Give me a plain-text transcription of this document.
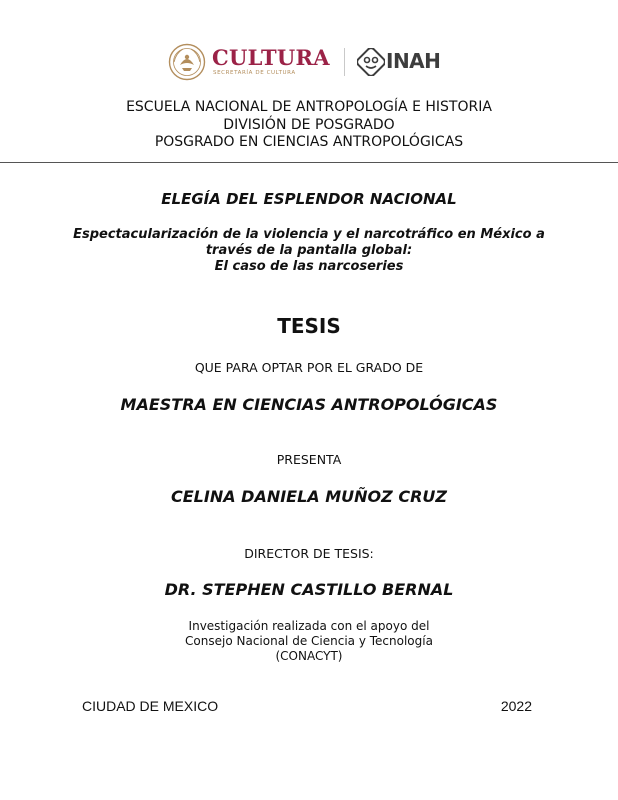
CULTURA
SECRETARÍA DE CULTURA	INAH
ESCUELA NACIONAL DE ANTROPOLOGÍA E HISTORIA
DIVISIÓN DE POSGRADO
POSGRADO EN CIENCIAS ANTROPOLÓGICAS
ELEGÍA DEL ESPLENDOR NACIONAL
Espectacularización de la violencia y el narcotráfico en México a
través de la pantalla global:
El caso de las narcoseries
TESIS
QUE PARA OPTAR POR EL GRADO DE
MAESTRA EN CIENCIAS ANTROPOLÓGICAS
PRESENTA
CELINA DANIELA MUÑOZ CRUZ
DIRECTOR DE TESIS:
DR. STEPHEN CASTILLO BERNAL
Investigación realizada con el apoyo del
Consejo Nacional de Ciencia y Tecnología
(CONACYT)
CIUDAD DE MEXICO	2022
